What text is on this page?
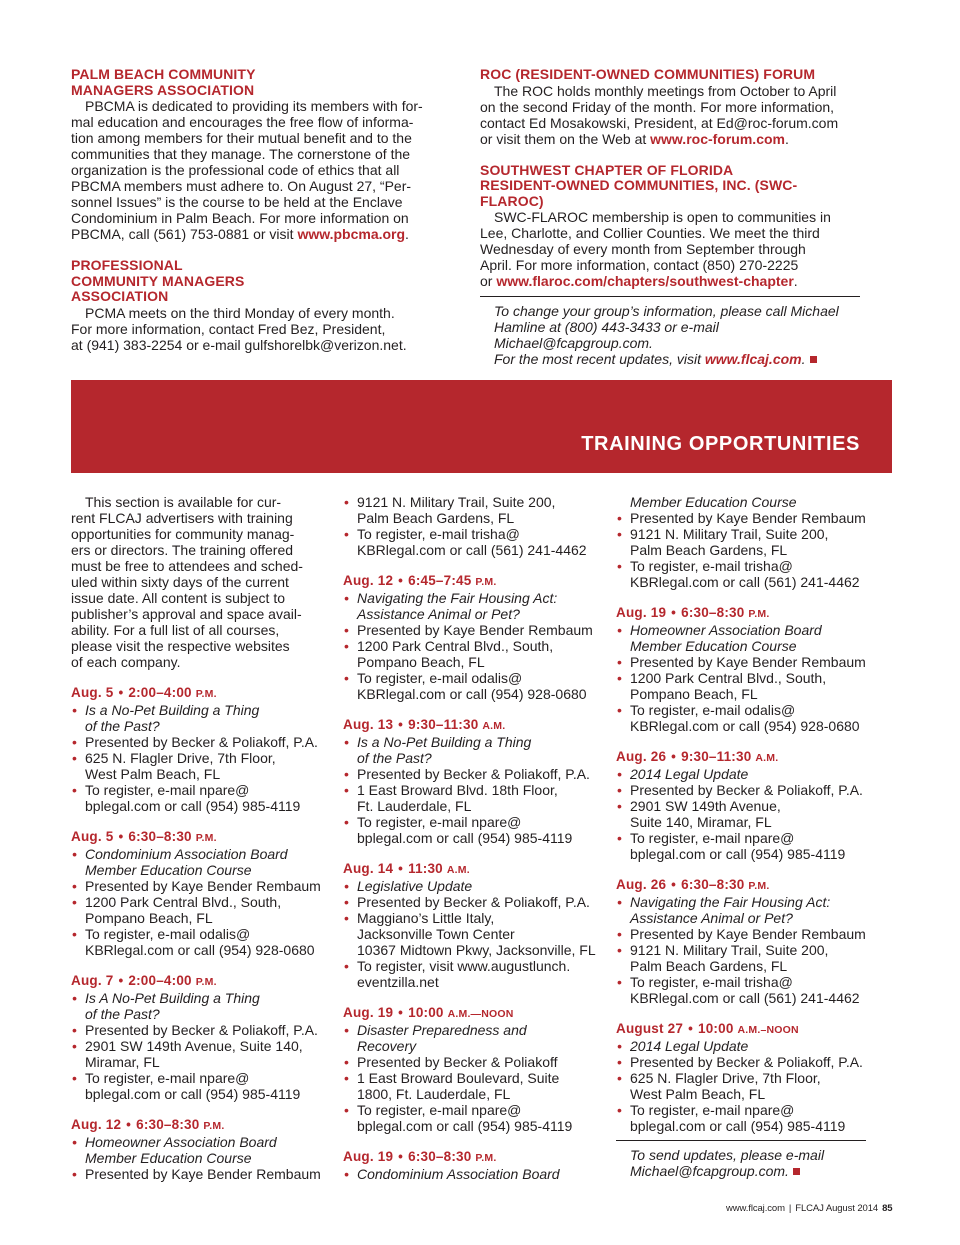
PALM BEACH COMMUNITY MANAGERS ASSOCIATION

PBCMA is dedicated to providing its members with for-
mal education and encourages the free flow of informa-
tion among members for their mutual benefit and to the
communities that they manage. The cornerstone of the
organization is the professional code of ethics that all
PBCMA members must adhere to. On August 27, “Per-
sonnel Issues” is the course to be held at the Enclave
Condominium in Palm Beach. For more information on
PBCMA, call (561) 753-0881 or visit www.pbcma.org.

PROFESSIONAL COMMUNITY MANAGERS ASSOCIATION

PCMA meets on the third Monday of every month.
For more information, contact Fred Bez, President,
at (941) 383-2254 or e-mail gulfshorelbk@verizon.net.

ROC (RESIDENT-OWNED COMMUNITIES) FORUM

The ROC holds monthly meetings from October to April
on the second Friday of the month. For more information,
contact Ed Mosakowski, President, at Ed@roc-forum.com
or visit them on the Web at www.roc-forum.com.

SOUTHWEST CHAPTER OF FLORIDA RESIDENT-OWNED COMMUNITIES, INC. (SWC-FLAROC)

SWC-FLAROC membership is open to communities in
Lee, Charlotte, and Collier Counties. We meet the third
Wednesday of every month from September through
April. For more information, contact (850) 270-2225
or www.flaroc.com/chapters/southwest-chapter.

To change your group’s information, please call Michael
Hamline at (800) 443-3433 or e-mail Michael@fcapgroup.com.
For the most recent updates, visit www.flcaj.com.
TRAINING OPPORTUNITIES

This section is available for cur-
rent FLCAJ advertisers with training
opportunities for community manag-
ers or directors. The training offered
must be free to attendees and sched-
uled within sixty days of the current
issue date. All content is subject to
publisher’s approval and space avail-
ability. For a full list of all courses,
please visit the respective websites
of each company.

Aug. 5 • 2:00–4:00 P.M.
• Is a No-Pet Building a Thing
of the Past?
• Presented by Becker & Poliakoff, P.A.
• 625 N. Flagler Drive, 7th Floor,
West Palm Beach, FL
• To register, e-mail npare@
bplegal.com or call (954) 985-4119
Aug. 5 • 6:30–8:30 P.M.
• Condominium Association Board
Member Education Course
• Presented by Kaye Bender Rembaum
• 1200 Park Central Blvd., South,
Pompano Beach, FL
• To register, e-mail odalis@
KBRlegal.com or call (954) 928-0680
Aug. 7 • 2:00–4:00 P.M.
• Is A No-Pet Building a Thing
of the Past?
• Presented by Becker & Poliakoff, P.A.
• 2901 SW 149th Avenue, Suite 140,
Miramar, FL
• To register, e-mail npare@
bplegal.com or call (954) 985-4119
Aug. 12 • 6:30–8:30 P.M.
• Homeowner Association Board
Member Education Course
• Presented by Kaye Bender Rembaum
• 9121 N. Military Trail, Suite 200,
Palm Beach Gardens, FL
• To register, e-mail trisha@
KBRlegal.com or call (561) 241-4462
Aug. 12 • 6:45–7:45 P.M.
• Navigating the Fair Housing Act:
Assistance Animal or Pet?
• Presented by Kaye Bender Rembaum
• 1200 Park Central Blvd., South,
Pompano Beach, FL
• To register, e-mail odalis@
KBRlegal.com or call (954) 928-0680
Aug. 13 • 9:30–11:30 A.M.
• Is a No-Pet Building a Thing
of the Past?
• Presented by Becker & Poliakoff, P.A.
• 1 East Broward Blvd. 18th Floor,
Ft. Lauderdale, FL
• To register, e-mail npare@
bplegal.com or call (954) 985-4119
Aug. 14 • 11:30 A.M.
• Legislative Update
• Presented by Becker & Poliakoff, P.A.
• Maggiano’s Little Italy,
Jacksonville Town Center
10367 Midtown Pkwy, Jacksonville, FL
• To register, visit www.augustlunch.
eventzilla.net
Aug. 19 • 10:00 A.M.—NOON
• Disaster Preparedness and
Recovery
• Presented by Becker & Poliakoff
• 1 East Broward Boulevard, Suite
1800, Ft. Lauderdale, FL
• To register, e-mail npare@
bplegal.com or call (954) 985-4119
Aug. 19 • 6:30–8:30 P.M.
• Condominium Association Board
Member Education Course
• Presented by Kaye Bender Rembaum
• 9121 N. Military Trail, Suite 200,
Palm Beach Gardens, FL
• To register, e-mail trisha@
KBRlegal.com or call (561) 241-4462
Aug. 19 • 6:30–8:30 P.M.
• Homeowner Association Board
Member Education Course
• Presented by Kaye Bender Rembaum
• 1200 Park Central Blvd., South,
Pompano Beach, FL
• To register, e-mail odalis@
KBRlegal.com or call (954) 928-0680
Aug. 26 • 9:30–11:30 A.M.
• 2014 Legal Update
• Presented by Becker & Poliakoff, P.A.
• 2901 SW 149th Avenue,
Suite 140, Miramar, FL
• To register, e-mail npare@
bplegal.com or call (954) 985-4119
Aug. 26 • 6:30–8:30 P.M.
• Navigating the Fair Housing Act:
Assistance Animal or Pet?
• Presented by Kaye Bender Rembaum
• 9121 N. Military Trail, Suite 200,
Palm Beach Gardens, FL
• To register, e-mail trisha@
KBRlegal.com or call (561) 241-4462
August 27 • 10:00 A.M.–NOON
• 2014 Legal Update
• Presented by Becker & Poliakoff, P.A.
• 625 N. Flagler Drive, 7th Floor,
West Palm Beach, FL
• To register, e-mail npare@
bplegal.com or call (954) 985-4119
To send updates, please e-mail
Michael@fcapgroup.com.
www.flcaj.com | FLCAJ August 2014 85
